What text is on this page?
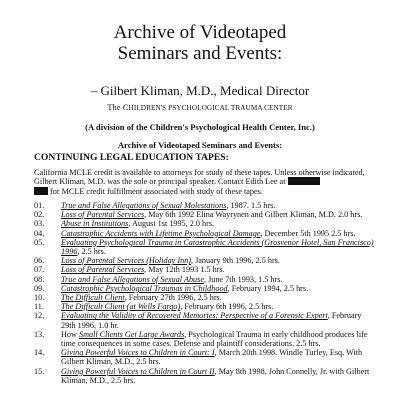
Archive of Videotaped
Seminars and Events:
– Gilbert Kliman, M.D., Medical Director
The CHILDREN'S PSYCHOLOGICAL TRAUMA CENTER
(A division of the Children's Psychological Health Center, Inc.)
Archive of Videotaped Seminars and Events:
CONTINUING LEGAL EDUCATION TAPES:
California MCLE credit is available to attorneys for study of these tapes. Unless otherwise indicated, Gilbert Kliman, M.D. was the sole or principal speaker. Contact Edith Lee at
for MCLE credit fulfillment associated with study of these tapes.
01.	True and False Allegations of Sexual Molestations, 1987. 1.5 hrs.
02.	Loss of Parental Services, May 6th 1992 Elina Wayrynen and Gilbert Kliman, M.D. 2.0 hrs.
03.	Abuse in Institutions, August 1st 1995, 2.0 hrs.
04.	Catastrophic Accidents with Lifetime Psychological Damage, December 5th 1995 2.5 hrs.
05.	Evaluating Psychological Trauma in Catastrophic Accidents (Grosvenor Hotel, San Francisco) 1996, 2.5 hrs.
06.	Loss of Parental Services (Holiday Inn), January 9th 1996, 2.5 hrs.
07.	Loss of Parental Services, May 12th 1993 1.5 hrs.
08.	True and False Allegations of Sexual Abuse, June 7th 1993, 1.5 hrs.
09.	Catastrophic Psychological Traumas in Childhood, February 1994, 2.5 hrs.
10.	The Difficult Client, February 27th 1996, 2.5 hrs.
11.	The Difficult Client (at Wells Fargo), February 6th 1996, 2.5 hrs.
12.	Evaluating the Validity of Recovered Memories: Perspective of a Forensic Expert, February 29th 1996, 1.0 hr.
13.	How Small Clients Get Large Awards, Psychological Trauma in early childhood produces life time consequences in some cases. Defense and plaintiff considerations. 2.5 hrs.
14.	Giving Powerful Voices to Children in Court: I, March 20th 1998. Windle Turley, Esq. With Gilbert Kliman, M.D., 2.5 hrs.
15.	Giving Powerful Voices to Children in Court II, May 8th 1998, John Connelly, Jr. with Gilbert Kliman, M.D., 2.5 hrs.
